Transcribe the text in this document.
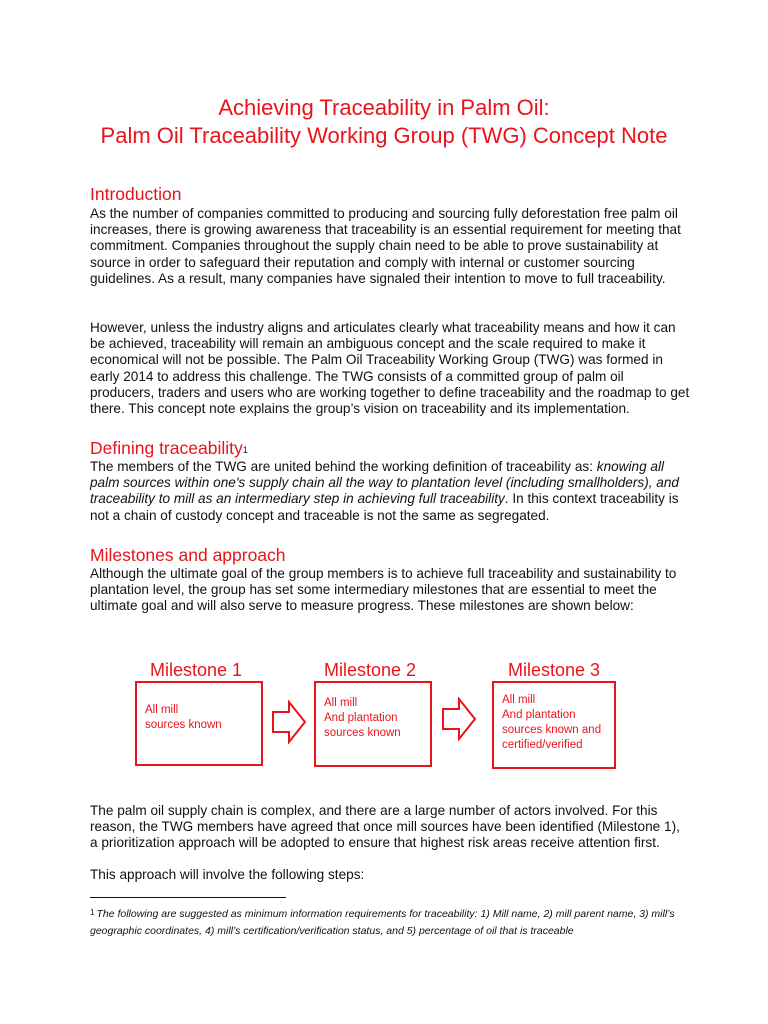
Achieving Traceability in Palm Oil:
Palm Oil Traceability Working Group (TWG) Concept Note
Introduction
As the number of companies committed to producing and sourcing fully deforestation free palm oil increases, there is growing awareness that traceability is an essential requirement for meeting that commitment. Companies throughout the supply chain need to be able to prove sustainability at source in order to safeguard their reputation and comply with internal or customer sourcing guidelines. As a result, many companies have signaled their intention to move to full traceability.
However, unless the industry aligns and articulates clearly what traceability means and how it can be achieved, traceability will remain an ambiguous concept and the scale required to make it economical will not be possible. The Palm Oil Traceability Working Group (TWG) was formed in early 2014 to address this challenge. The TWG consists of a committed group of palm oil producers, traders and users who are working together to define traceability and the roadmap to get there. This concept note explains the group’s vision on traceability and its implementation.
Defining traceability$^1$
The members of the TWG are united behind the working definition of traceability as: knowing all palm sources within one's supply chain all the way to plantation level (including smallholders), and traceability to mill as an intermediary step in achieving full traceability. In this context traceability is not a chain of custody concept and traceable is not the same as segregated.
Milestones and approach
Although the ultimate goal of the group members is to achieve full traceability and sustainability to plantation level, the group has set some intermediary milestones that are essential to meet the ultimate goal and will also serve to measure progress. These milestones are shown below:
Milestone 1
All mill
sources known
Milestone 2
All mill
And plantation
sources known
Milestone 3
All mill
And plantation
sources known and
certified/verified
The palm oil supply chain is complex, and there are a large number of actors involved. For this reason, the TWG members have agreed that once mill sources have been identified (Milestone 1), a prioritization approach will be adopted to ensure that highest risk areas receive attention first.
This approach will involve the following steps:
$^1$ The following are suggested as minimum information requirements for traceability: 1) Mill name, 2) mill parent name, 3) mill’s geographic coordinates, 4) mill’s certification/verification status, and 5) percentage of oil that is traceable
